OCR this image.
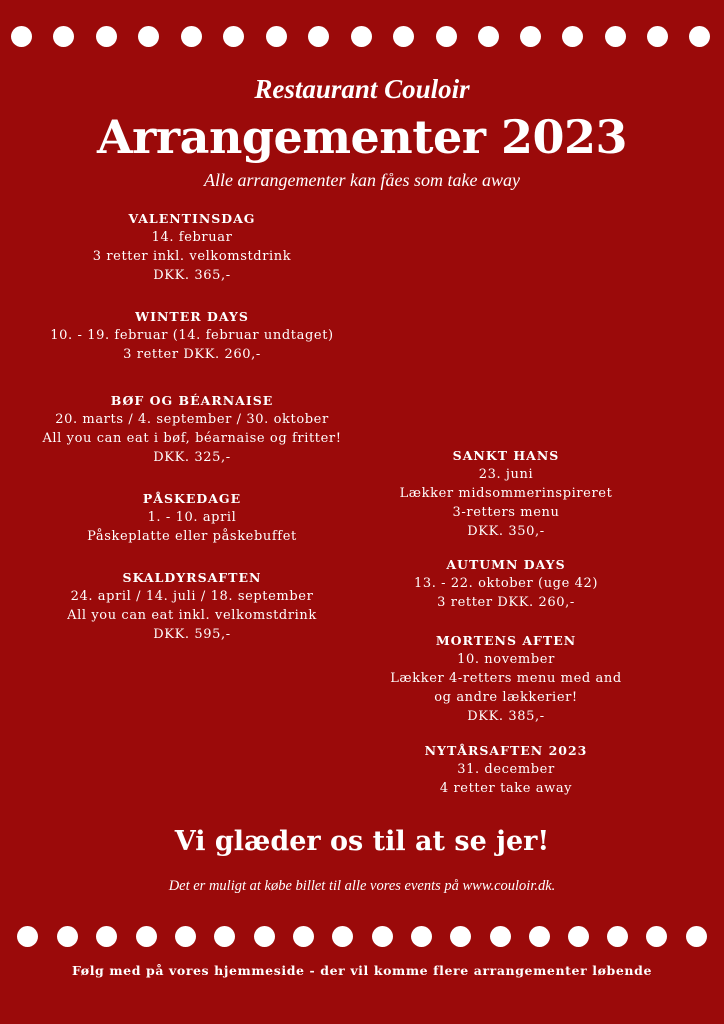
Restaurant Couloir
Arrangementer 2023
Alle arrangementer kan fåes som take away
VALENTINSDAG
14. februar
3 retter inkl. velkomstdrink
DKK. 365,-
WINTER DAYS
10. - 19. februar (14. februar undtaget)
3 retter DKK. 260,-
BØF OG BÉARNAISE
20. marts / 4. september / 30. oktober
All you can eat i bøf, béarnaise og fritter!
DKK. 325,-
PÅSKEDAGE
1. - 10. april
Påskeplatte eller påskebuffet
SKALDYRSAFTEN
24. april / 14. juli / 18. september
All you can eat inkl. velkomstdrink
DKK. 595,-
SANKT HANS
23. juni
Lækker midsommerinspireret
3-retters menu
DKK. 350,-
AUTUMN DAYS
13. - 22. oktober (uge 42)
3 retter DKK. 260,-
MORTENS AFTEN
10. november
Lækker 4-retters menu med and
og andre lækkerier!
DKK. 385,-
NYTÅRSAFTEN 2023
31. december
4 retter take away
Vi glæder os til at se jer!
Det er muligt at købe billet til alle vores events på www.couloir.dk.
Følg med på vores hjemmeside - der vil komme flere arrangementer løbende
